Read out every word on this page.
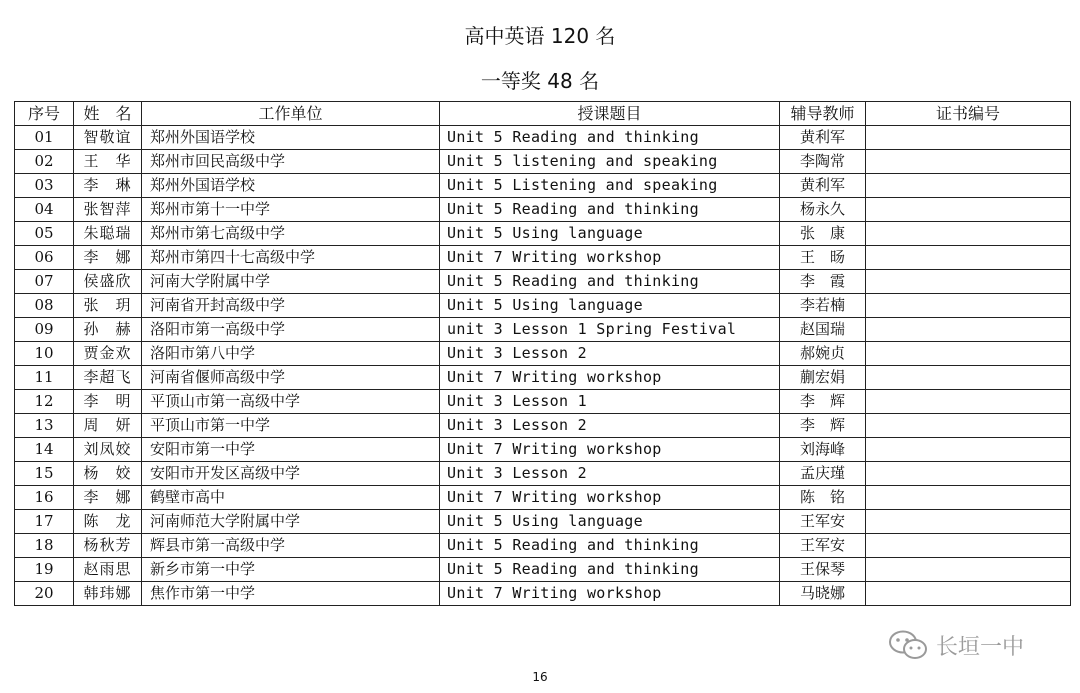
高中英语 120 名
一等奖 48 名
序号	姓　名	工作单位	授课题目	辅导教师	证书编号
01	智敬谊	郑州外国语学校	Unit 5 Reading and thinking	黄利军	
02	王　华	郑州市回民高级中学	Unit 5 listening and speaking	李陶常	
03	李　琳	郑州外国语学校	Unit 5 Listening and speaking	黄利军	
04	张智萍	郑州市第十一中学	Unit 5 Reading and thinking	杨永久	
05	朱聪瑞	郑州市第七高级中学	Unit 5 Using language	张　康	
06	李　娜	郑州市第四十七高级中学	Unit 7 Writing workshop	王　旸	
07	侯盛欣	河南大学附属中学	Unit 5 Reading and thinking	李　霞	
08	张　玥	河南省开封高级中学	Unit 5 Using language	李若楠	
09	孙　赫	洛阳市第一高级中学	unit 3 Lesson 1 Spring Festival	赵国瑞	
10	贾金欢	洛阳市第八中学	Unit 3 Lesson 2	郝婉贞	
11	李超飞	河南省偃师高级中学	Unit 7 Writing workshop	蒯宏娟	
12	李　明	平顶山市第一高级中学	Unit 3 Lesson 1	李　辉	
13	周　妍	平顶山市第一中学	Unit 3 Lesson 2	李　辉	
14	刘凤姣	安阳市第一中学	Unit 7 Writing workshop	刘海峰	
15	杨　姣	安阳市开发区高级中学	Unit 3 Lesson 2	孟庆瑾	
16	李　娜	鹤壁市高中	Unit 7 Writing workshop	陈　铭	
17	陈　龙	河南师范大学附属中学	Unit 5 Using language	王军安	
18	杨秋芳	辉县市第一高级中学	Unit 5 Reading and thinking	王军安	
19	赵雨思	新乡市第一中学	Unit 5 Reading and thinking	王保琴	
20	韩玮娜	焦作市第一中学	Unit 7 Writing workshop	马晓娜	
16
长垣一中
